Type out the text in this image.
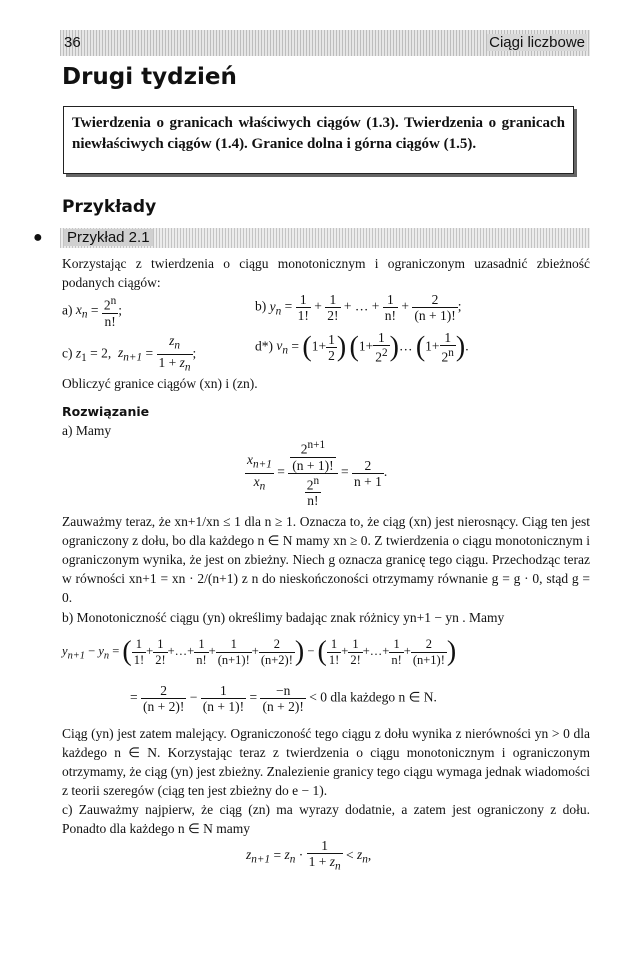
36	Ciągi liczbowe
Drugi tydzień
Twierdzenia o granicach właściwych ciągów (1.3). Twierdzenia o granicach niewłaściwych ciągów (1.4). Granice dolna i górna ciągów (1.5).
Przykłady
● Przykład 2.1
Korzystając z twierdzenia o ciągu monotonicznym i ograniczonym uzasadnić zbieżność podanych ciągów:
a) $x_n = \frac{2^n}{n!}$ ;	b) $y_n = \frac{1}{1!} + \frac{1}{2!}$ + … + $\frac{1}{n!} + \frac{2}{(n + 1)!}$ ;
c) $z_1 = 2$,  $z_{n+1} = \frac{z_n}{1 + z_n}$ ;	d*) $v_n = (1+ \frac{1}{2}$ ) ($1+ \frac{1}{2^2}$ )… ($1+ \frac{1}{2^n}$ ).
Obliczyć granice ciągów (xn) i (zn).
Rozwiązanie
a) Mamy
$\frac{x_{n+1}}{x_n} = \frac{\frac{2^{n+1}}{(n + 1)!}}{\frac{2^n}{n!}} = \frac{2}{n + 1}$ .
Zauważmy teraz, że xn+1/xn ≤ 1 dla n ≥ 1. Oznacza to, że ciąg (xn) jest nierosnący. Ciąg ten jest ograniczony z dołu, bo dla każdego n ∈ N mamy xn ≥ 0. Z twierdzenia o ciągu monotonicznym i ograniczonym wynika, że jest on zbieżny. Niech g oznacza granicę tego ciągu. Przechodząc teraz w równości xn+1 = xn · 2/(n+1) z n do nieskończoności otrzymamy równanie g = g · 0, stąd g = 0.
b) Monotoniczność ciągu (yn) określimy badając znak różnicy yn+1 − yn . Mamy
$y_{n+1} - y_n$ = ( $\frac{1}{1!} + \frac{1}{2!}$ +…+ $\frac{1}{n!} + \frac{1}{(n+1)!} + \frac{2}{(n+2)!}$ ) − ( $\frac{1}{1!} + \frac{1}{2!}$ +…+ $\frac{1}{n!} + \frac{2}{(n+1)!}$ )
= $\frac{2}{(n + 2)!} - \frac{1}{(n + 1)!} = \frac{-n}{(n + 2)!} < 0$ dla każdego n ∈ N.
Ciąg (yn) jest zatem malejący. Ograniczoność tego ciągu z dołu wynika z nierówności yn > 0 dla każdego n ∈ N. Korzystając teraz z twierdzenia o ciągu monotonicznym i ograniczonym otrzymamy, że ciąg (yn) jest zbieżny. Znalezienie granicy tego ciągu wymaga jednak wiadomości z teorii szeregów (ciąg ten jest zbieżny do e − 1).
c) Zauważmy najpierw, że ciąg (zn) ma wyrazy dodatnie, a zatem jest ograniczony z dołu. Ponadto dla każdego n ∈ N mamy
$z_{n+1} = z_n \cdot \frac{1}{1 + z_n} < z_n$,
